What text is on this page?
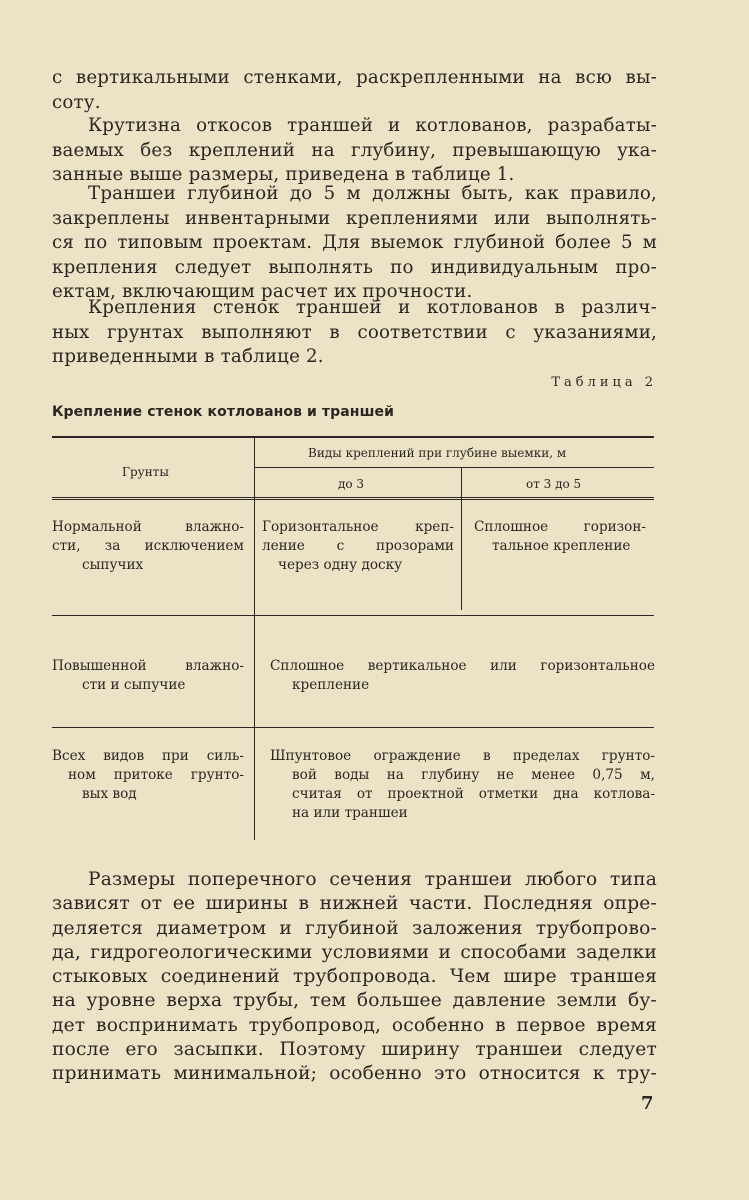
с вертикальными стенками, раскрепленными на всю вы-
соту.
Крутизна откосов траншей и котлованов, разрабаты-
ваемых без креплений на глубину, превышающую ука-
занные выше размеры, приведена в таблице 1.
Траншеи глубиной до 5 м должны быть, как правило,
закреплены инвентарными креплениями или выполнять-
ся по типовым проектам. Для выемок глубиной более 5 м
крепления следует выполнять по индивидуальным про-
ектам, включающим расчет их прочности.
Крепления стенок траншей и котлованов в различ-
ных грунтах выполняют в соответствии с указаниями,
приведенными в таблице 2.

Таблица 2

Крепление стенок котлованов и траншей

Грунты

Виды креплений при глубине выемки, м

до 3	от 3 до 5

Нормальной влажно-
сти, за исключением
сыпучих
Горизонтальное креп-
ление с прозорами
через одну доску
Сплошное горизон-
тальное крепление
Повышенной влажно-
сти и сыпучие
Сплошное вертикальное или горизонтальное
крепление
Всех видов при силь-
ном притоке грунто-
вых вод
Шпунтовое ограждение в пределах грунто-
вой воды на глубину не менее 0,75 м,
считая от проектной отметки дна котлова-
на или траншеи
Размеры поперечного сечения траншеи любого типа
зависят от ее ширины в нижней части. Последняя опре-
деляется диаметром и глубиной заложения трубопрово-
да, гидрогеологическими условиями и способами заделки
стыковых соединений трубопровода. Чем шире траншея
на уровне верха трубы, тем большее давление земли бу-
дет воспринимать трубопровод, особенно в первое время
после его засыпки. Поэтому ширину траншеи следует
принимать минимальной; особенно это относится к тру-

7
